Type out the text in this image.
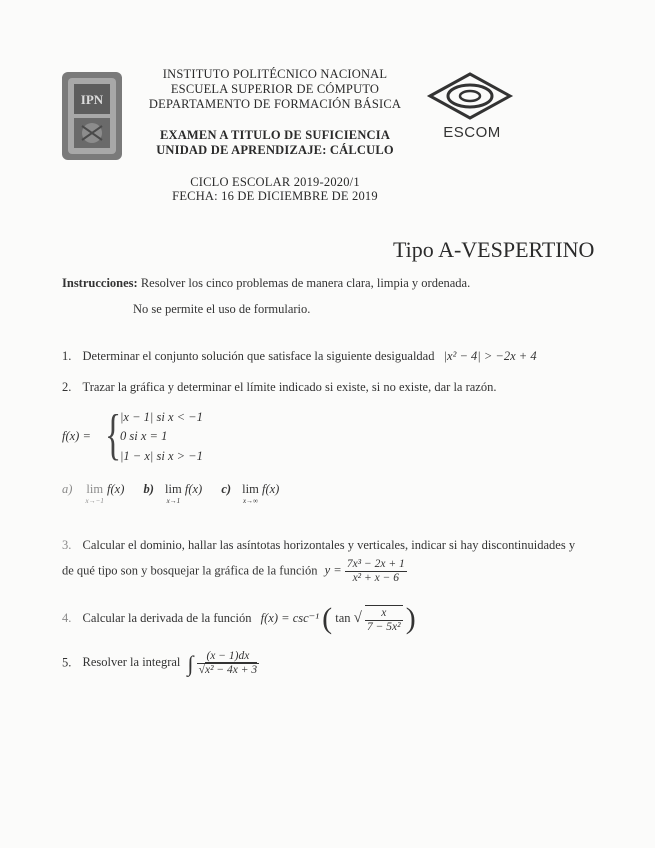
IPN
ESCOM
INSTITUTO POLITÉCNICO NACIONAL
ESCUELA SUPERIOR DE CÓMPUTO
DEPARTAMENTO DE FORMACIÓN BÁSICA
EXAMEN A TITULO DE SUFICIENCIA
UNIDAD DE APRENDIZAJE: CÁLCULO
CICLO ESCOLAR 2019-2020/1
FECHA: 16 DE DICIEMBRE DE 2019
Tipo A-VESPERTINO
Instrucciones: Resolver los cinco problemas de manera clara, limpia y ordenada.
No se permite el uso de formulario.
1. Determinar el conjunto solución que satisface la siguiente desigualdad |x² − 4| > −2x + 4
2. Trazar la gráfica y determinar el límite indicado si existe, si no existe, dar la razón.
f(x) = {
|x − 1| si x < −1
0 si x = 1
|1 − x| si x > −1
a) lim
x→−1
f(x) b) lim
x→1
f(x) c) lim
x→∞
f(x)
3. Calcular el dominio, hallar las asíntotas horizontales y verticales, indicar si hay discontinuidades y
de qué tipo son y bosquejar la gráfica de la función $y = \frac{\text{7x³ − 2x + 1}}{\text{x² + x − 6}}$
4. Calcular la derivada de la función f(x) = csc⁻¹ ( tan √ $\frac{x}{\text{7 − 5x²}}$ )
5. Resolver la integral ∫ $\frac{(x - 1)dx}{\text{√x² − 4x + 3}}$
